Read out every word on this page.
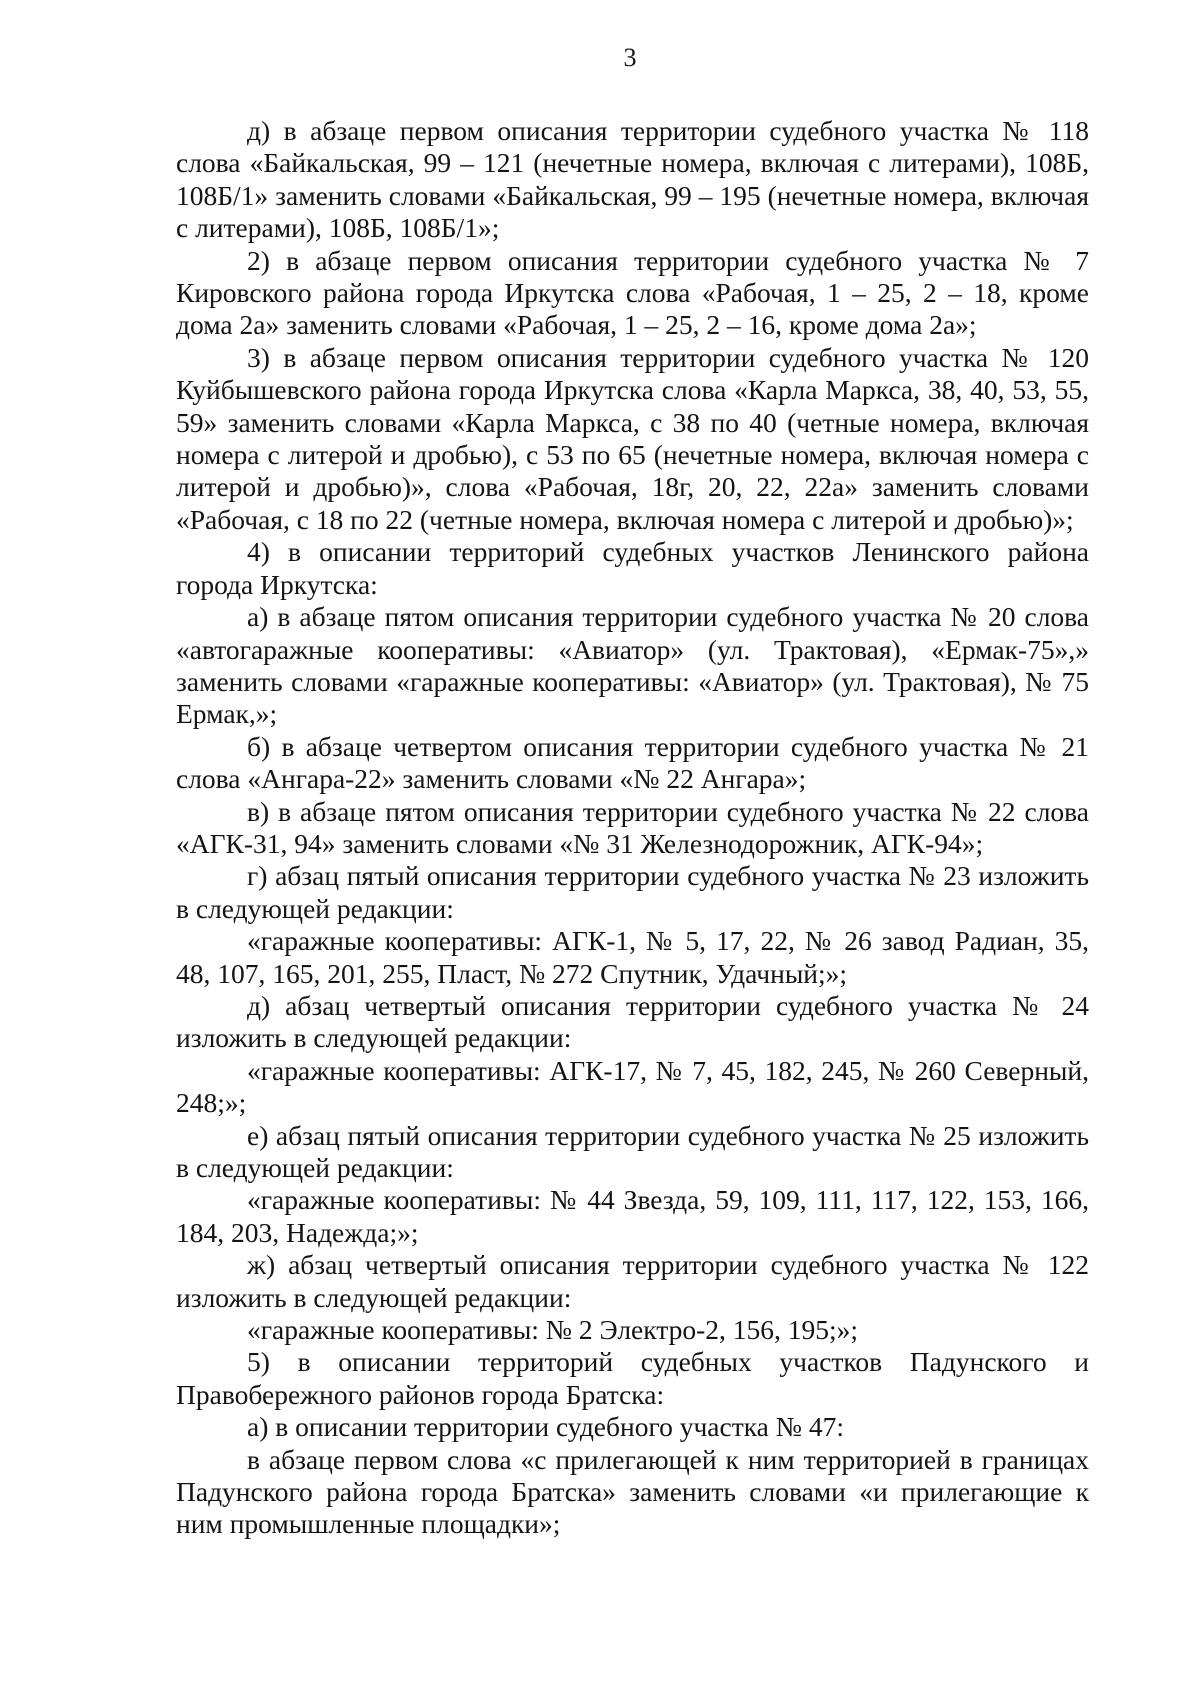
3

д) в абзаце первом описания территории судебного участка № 118 слова «Байкальская, 99 – 121 (нечетные номера, включая с литерами), 108Б, 108Б/1» заменить словами «Байкальская, 99 – 195 (нечетные номера, включая с литерами), 108Б, 108Б/1»;

2) в абзаце первом описания территории судебного участка № 7 Кировского района города Иркутска слова «Рабочая, 1 – 25, 2 – 18, кроме дома 2а» заменить словами «Рабочая, 1 – 25, 2 – 16, кроме дома 2а»;

3) в абзаце первом описания территории судебного участка № 120 Куйбышевского района города Иркутска слова «Карла Маркса, 38, 40, 53, 55, 59» заменить словами «Карла Маркса, с 38 по 40 (четные номера, включая номера с литерой и дробью), с 53 по 65 (нечетные номера, включая номера с литерой и дробью)», слова «Рабочая, 18г, 20, 22, 22а» заменить словами «Рабочая, с 18 по 22 (четные номера, включая номера с литерой и дробью)»;

4) в описании территорий судебных участков Ленинского района города Иркутска:

а) в абзаце пятом описания территории судебного участка № 20 слова «автогаражные кооперативы: «Авиатор» (ул. Трактовая), «Ермак-75»,» заменить словами «гаражные кооперативы: «Авиатор» (ул. Трактовая), № 75 Ермак,»;

б) в абзаце четвертом описания территории судебного участка № 21 слова «Ангара-22» заменить словами «№ 22 Ангара»;

в) в абзаце пятом описания территории судебного участка № 22 слова «АГК-31, 94» заменить словами «№ 31 Железнодорожник, АГК-94»;

г) абзац пятый описания территории судебного участка № 23 изложить в следующей редакции:

«гаражные кооперативы: АГК-1, № 5, 17, 22, № 26 завод Радиан, 35, 48, 107, 165, 201, 255, Пласт, № 272 Спутник, Удачный;»;

д) абзац четвертый описания территории судебного участка № 24 изложить в следующей редакции:

«гаражные кооперативы: АГК-17, № 7, 45, 182, 245, № 260 Северный, 248;»;

е) абзац пятый описания территории судебного участка № 25 изложить в следующей редакции:

«гаражные кооперативы: № 44 Звезда, 59, 109, 111, 117, 122, 153, 166, 184, 203, Надежда;»;

ж) абзац четвертый описания территории судебного участка № 122 изложить в следующей редакции:

«гаражные кооперативы: № 2 Электро-2, 156, 195;»;

5) в описании территорий судебных участков Падунского и Правобережного районов города Братска:

а) в описании территории судебного участка № 47:

в абзаце первом слова «с прилегающей к ним территорией в границах Падунского района города Братска» заменить словами «и прилегающие к ним промышленные площадки»;
